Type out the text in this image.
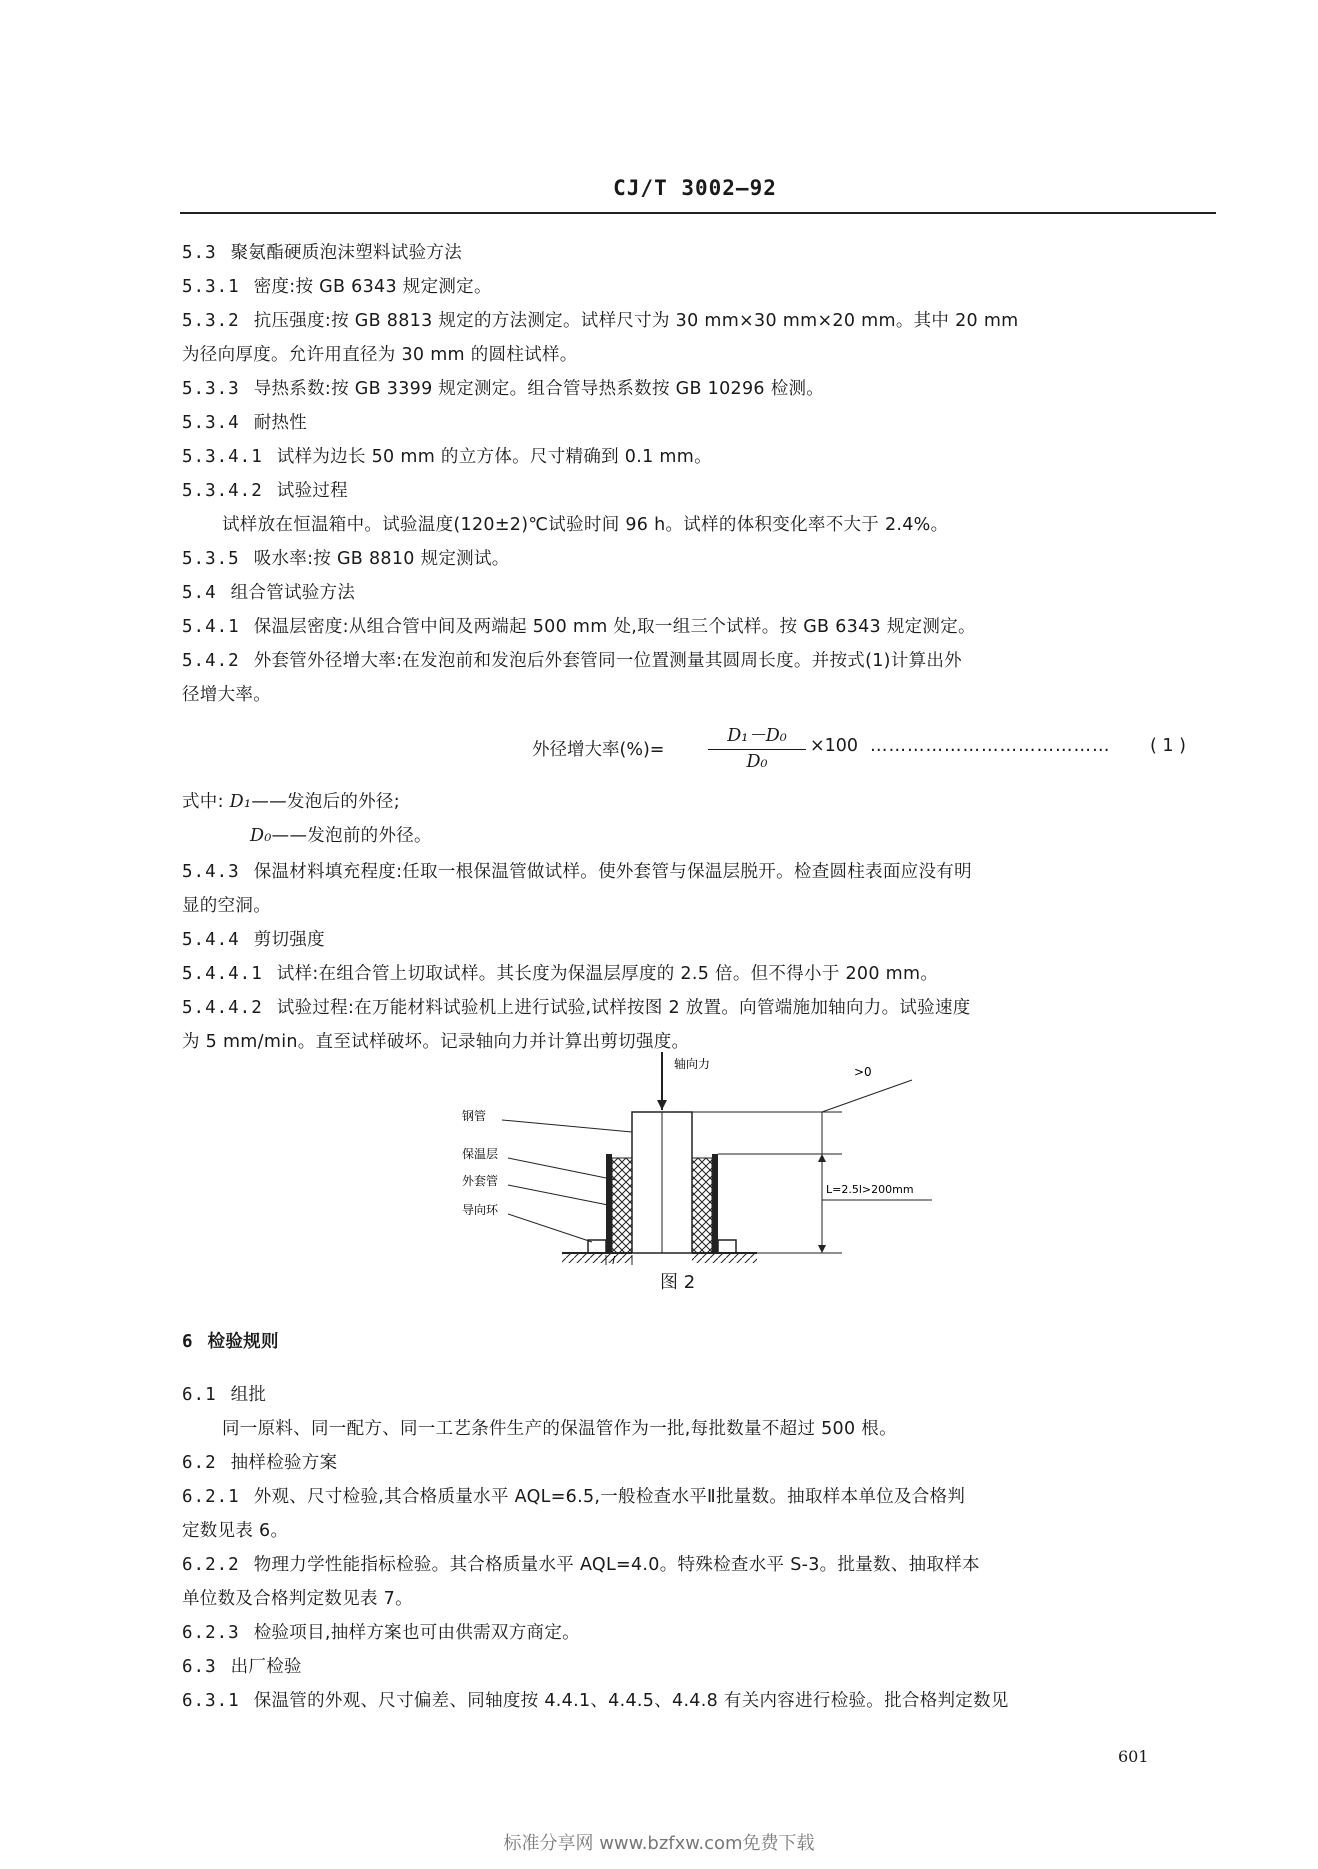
CJ/T 3002—92
5.3 聚氨酯硬质泡沫塑料试验方法
5.3.1 密度:按 GB 6343 规定测定。
5.3.2 抗压强度:按 GB 8813 规定的方法测定。试样尺寸为 30 mm×30 mm×20 mm。其中 20 mm
为径向厚度。允许用直径为 30 mm 的圆柱试样。
5.3.3 导热系数:按 GB 3399 规定测定。组合管导热系数按 GB 10296 检测。
5.3.4 耐热性
5.3.4.1 试样为边长 50 mm 的立方体。尺寸精确到 0.1 mm。
5.3.4.2 试验过程
试样放在恒温箱中。试验温度(120±2)℃试验时间 96 h。试样的体积变化率不大于 2.4%。
5.3.5 吸水率:按 GB 8810 规定测试。
5.4 组合管试验方法
5.4.1 保温层密度:从组合管中间及两端起 500 mm 处,取一组三个试样。按 GB 6343 规定测定。
5.4.2 外套管外径增大率:在发泡前和发泡后外套管同一位置测量其圆周长度。并按式(1)计算出外
径增大率。
外径增大率(%)=
D₁－D₀
D₀
×100 ………………………………… ( 1 )
式中: D₁——发泡后的外径;
D₀——发泡前的外径。
5.4.3 保温材料填充程度:任取一根保温管做试样。使外套管与保温层脱开。检查圆柱表面应没有明
显的空洞。
5.4.4 剪切强度
5.4.4.1 试样:在组合管上切取试样。其长度为保温层厚度的 2.5 倍。但不得小于 200 mm。
5.4.4.2 试验过程:在万能材料试验机上进行试验,试样按图 2 放置。向管端施加轴向力。试验速度
为 5 mm/min。直至试样破坏。记录轴向力并计算出剪切强度。
轴向力
钢管
保温层
外套管
导向环
>0
L=2.5l>200mm
l
图 2
6 检验规则
6.1 组批
同一原料、同一配方、同一工艺条件生产的保温管作为一批,每批数量不超过 500 根。
6.2 抽样检验方案
6.2.1 外观、尺寸检验,其合格质量水平 AQL=6.5,一般检查水平Ⅱ批量数。抽取样本单位及合格判
定数见表 6。
6.2.2 物理力学性能指标检验。其合格质量水平 AQL=4.0。特殊检查水平 S-3。批量数、抽取样本
单位数及合格判定数见表 7。
6.2.3 检验项目,抽样方案也可由供需双方商定。
6.3 出厂检验
6.3.1 保温管的外观、尺寸偏差、同轴度按 4.4.1、4.4.5、4.4.8 有关内容进行检验。批合格判定数见
601
标准分享网 www.bzfxw.com免费下载
